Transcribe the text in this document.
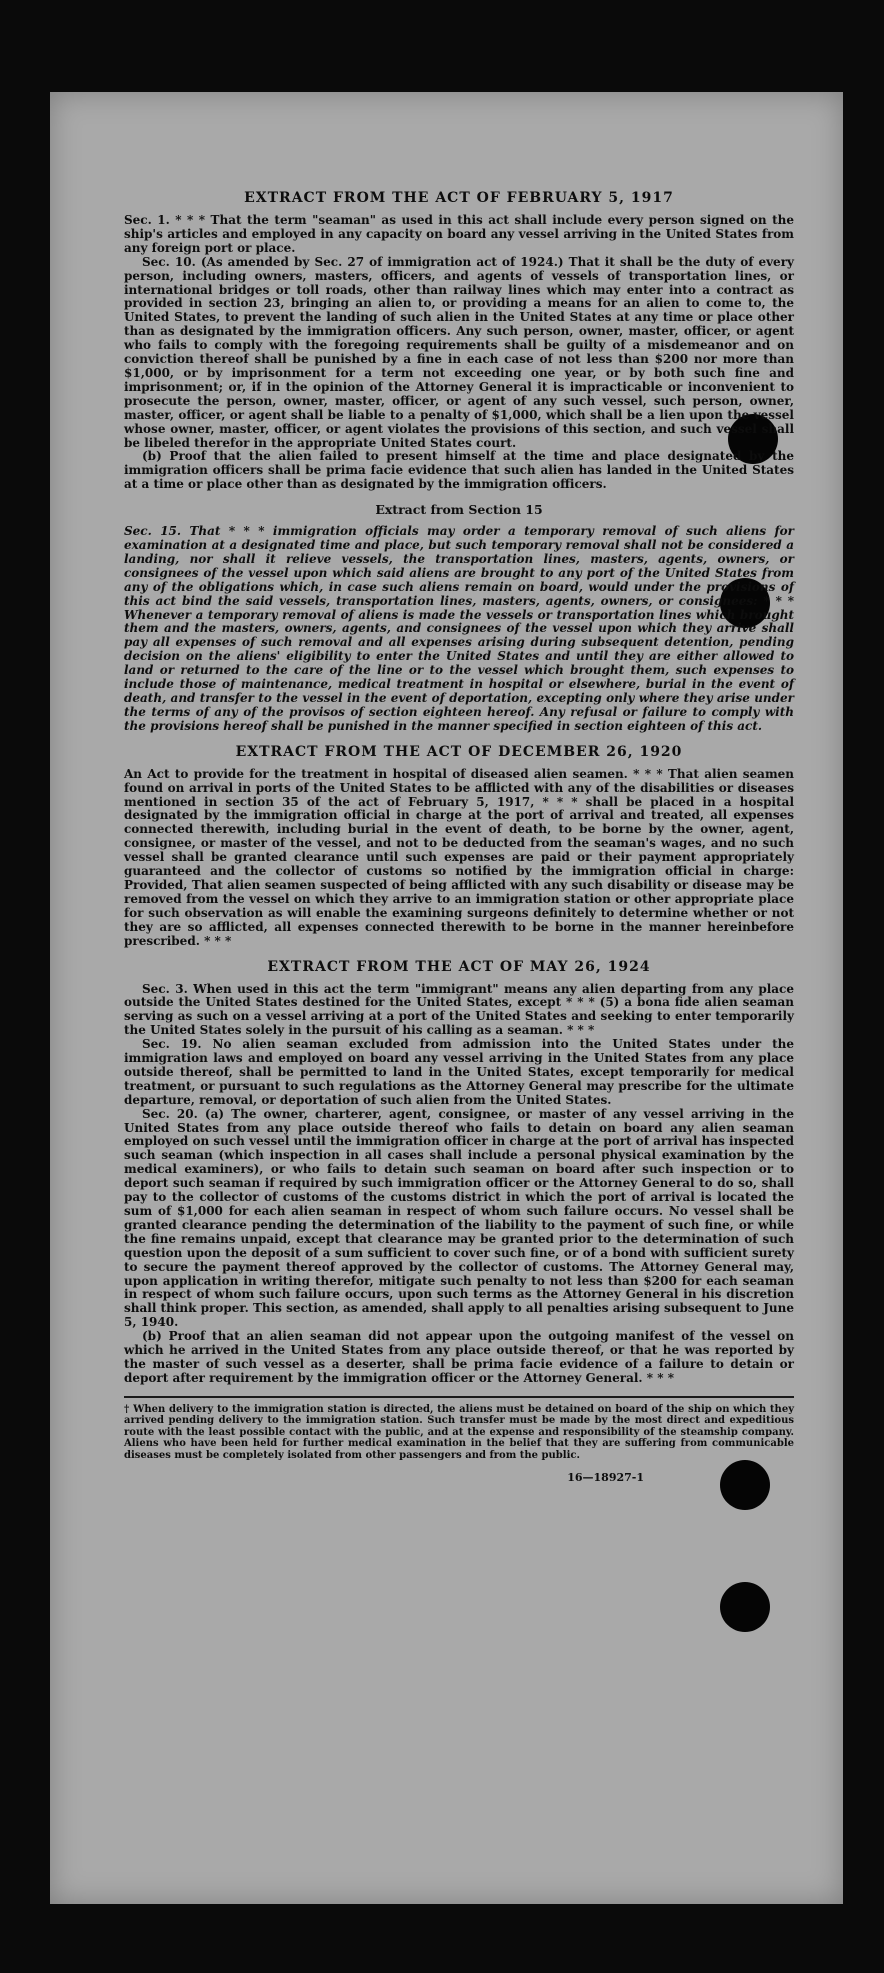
EXTRACT FROM THE ACT OF FEBRUARY 5, 1917

Sec. 1. * * * That the term "seaman" as used in this act shall include every person signed on the ship's articles and employed in any capacity on board any vessel arriving in the United States from any foreign port or place.

Sec. 10. (As amended by Sec. 27 of immigration act of 1924.) That it shall be the duty of every person, including owners, masters, officers, and agents of vessels of transportation lines, or international bridges or toll roads, other than railway lines which may enter into a contract as provided in section 23, bringing an alien to, or providing a means for an alien to come to, the United States, to prevent the landing of such alien in the United States at any time or place other than as designated by the immigration officers. Any such person, owner, master, officer, or agent who fails to comply with the foregoing requirements shall be guilty of a misdemeanor and on conviction thereof shall be punished by a fine in each case of not less than $200 nor more than $1,000, or by imprisonment for a term not exceeding one year, or by both such fine and imprisonment; or, if in the opinion of the Attorney General it is impracticable or inconvenient to prosecute the person, owner, master, officer, or agent of any such vessel, such person, owner, master, officer, or agent shall be liable to a penalty of $1,000, which shall be a lien upon the vessel whose owner, master, officer, or agent violates the provisions of this section, and such vessel shall be libeled therefor in the appropriate United States court.

(b) Proof that the alien failed to present himself at the time and place designated by the immigration officers shall be prima facie evidence that such alien has landed in the United States at a time or place other than as designated by the immigration officers.

Extract from Section 15

Sec. 15. That * * * immigration officials may order a temporary removal of such aliens for examination at a designated time and place, but such temporary removal shall not be considered a landing, nor shall it relieve vessels, the transportation lines, masters, agents, owners, or consignees of the vessel upon which said aliens are brought to any port of the United States from any of the obligations which, in case such aliens remain on board, would under the provisions of this act bind the said vessels, transportation lines, masters, agents, owners, or consignees: * * * Whenever a temporary removal of aliens is made the vessels or transportation lines which brought them and the masters, owners, agents, and consignees of the vessel upon which they arrive shall pay all expenses of such removal and all expenses arising during subsequent detention, pending decision on the aliens' eligibility to enter the United States and until they are either allowed to land or returned to the care of the line or to the vessel which brought them, such expenses to include those of maintenance, medical treatment in hospital or elsewhere, burial in the event of death, and transfer to the vessel in the event of deportation, excepting only where they arise under the terms of any of the provisos of section eighteen hereof. Any refusal or failure to comply with the provisions hereof shall be punished in the manner specified in section eighteen of this act.

EXTRACT FROM THE ACT OF DECEMBER 26, 1920

An Act to provide for the treatment in hospital of diseased alien seamen. * * * That alien seamen found on arrival in ports of the United States to be afflicted with any of the disabilities or diseases mentioned in section 35 of the act of February 5, 1917, * * * shall be placed in a hospital designated by the immigration official in charge at the port of arrival and treated, all expenses connected therewith, including burial in the event of death, to be borne by the owner, agent, consignee, or master of the vessel, and not to be deducted from the seaman's wages, and no such vessel shall be granted clearance until such expenses are paid or their payment appropriately guaranteed and the collector of customs so notified by the immigration official in charge: Provided, That alien seamen suspected of being afflicted with any such disability or disease may be removed from the vessel on which they arrive to an immigration station or other appropriate place for such observation as will enable the examining surgeons definitely to determine whether or not they are so afflicted, all expenses connected therewith to be borne in the manner hereinbefore prescribed. * * *

EXTRACT FROM THE ACT OF MAY 26, 1924

Sec. 3. When used in this act the term "immigrant" means any alien departing from any place outside the United States destined for the United States, except * * * (5) a bona fide alien seaman serving as such on a vessel arriving at a port of the United States and seeking to enter temporarily the United States solely in the pursuit of his calling as a seaman. * * *

Sec. 19. No alien seaman excluded from admission into the United States under the immigration laws and employed on board any vessel arriving in the United States from any place outside thereof, shall be permitted to land in the United States, except temporarily for medical treatment, or pursuant to such regulations as the Attorney General may prescribe for the ultimate departure, removal, or deportation of such alien from the United States.

Sec. 20. (a) The owner, charterer, agent, consignee, or master of any vessel arriving in the United States from any place outside thereof who fails to detain on board any alien seaman employed on such vessel until the immigration officer in charge at the port of arrival has inspected such seaman (which inspection in all cases shall include a personal physical examination by the medical examiners), or who fails to detain such seaman on board after such inspection or to deport such seaman if required by such immigration officer or the Attorney General to do so, shall pay to the collector of customs of the customs district in which the port of arrival is located the sum of $1,000 for each alien seaman in respect of whom such failure occurs. No vessel shall be granted clearance pending the determination of the liability to the payment of such fine, or while the fine remains unpaid, except that clearance may be granted prior to the determination of such question upon the deposit of a sum sufficient to cover such fine, or of a bond with sufficient surety to secure the payment thereof approved by the collector of customs. The Attorney General may, upon application in writing therefor, mitigate such penalty to not less than $200 for each seaman in respect of whom such failure occurs, upon such terms as the Attorney General in his discretion shall think proper. This section, as amended, shall apply to all penalties arising subsequent to June 5, 1940.

(b) Proof that an alien seaman did not appear upon the outgoing manifest of the vessel on which he arrived in the United States from any place outside thereof, or that he was reported by the master of such vessel as a deserter, shall be prima facie evidence of a failure to detain or deport after requirement by the immigration officer or the Attorney General. * * *

† When delivery to the immigration station is directed, the aliens must be detained on board of the ship on which they arrived pending delivery to the immigration station. Such transfer must be made by the most direct and expeditious route with the least possible contact with the public, and at the expense and responsibility of the steamship company. Aliens who have been held for further medical examination in the belief that they are suffering from communicable diseases must be completely isolated from other passengers and from the public.

16—18927-1
